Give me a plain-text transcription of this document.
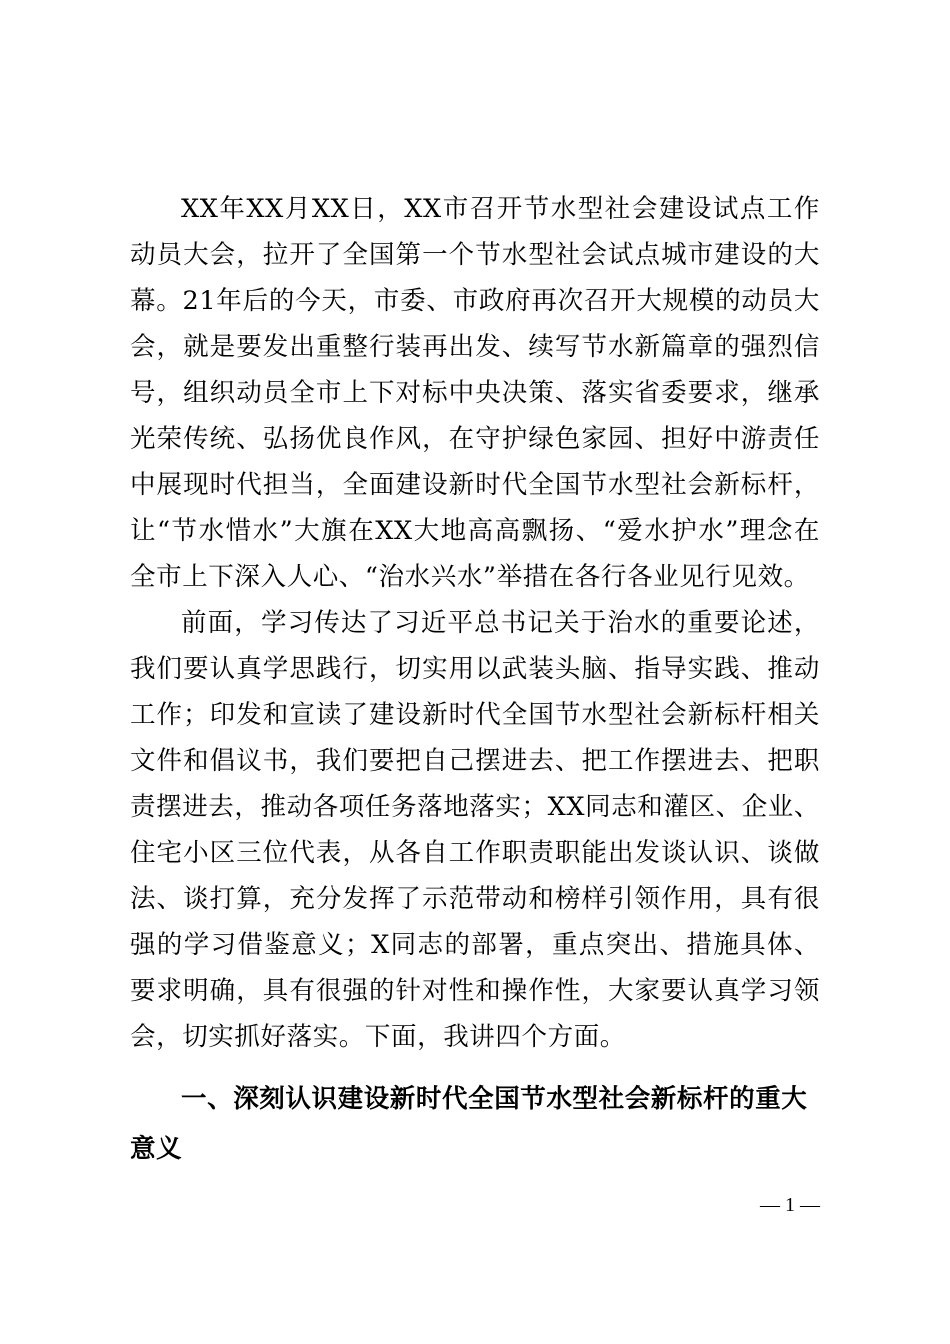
XX年XX月XX日，XX市召开节水型社会建设试点工作动员大会，拉开了全国第一个节水型社会试点城市建设的大幕。21年后的今天，市委、市政府再次召开大规模的动员大会，就是要发出重整行装再出发、续写节水新篇章的强烈信号，组织动员全市上下对标中央决策、落实省委要求，继承光荣传统、弘扬优良作风，在守护绿色家园、担好中游责任中展现时代担当，全面建设新时代全国节水型社会新标杆，让“节水惜水”大旗在XX大地高高飘扬、“爱水护水”理念在全市上下深入人心、“治水兴水”举措在各行各业见行见效。

前面，学习传达了习近平总书记关于治水的重要论述，我们要认真学思践行，切实用以武装头脑、指导实践、推动工作；印发和宣读了建设新时代全国节水型社会新标杆相关文件和倡议书，我们要把自己摆进去、把工作摆进去、把职责摆进去，推动各项任务落地落实；XX同志和灌区、企业、住宅小区三位代表，从各自工作职责职能出发谈认识、谈做法、谈打算，充分发挥了示范带动和榜样引领作用，具有很强的学习借鉴意义；X同志的部署，重点突出、措施具体、要求明确，具有很强的针对性和操作性，大家要认真学习领会，切实抓好落实。下面，我讲四个方面。

一、深刻认识建设新时代全国节水型社会新标杆的重大意义

— 1 —
